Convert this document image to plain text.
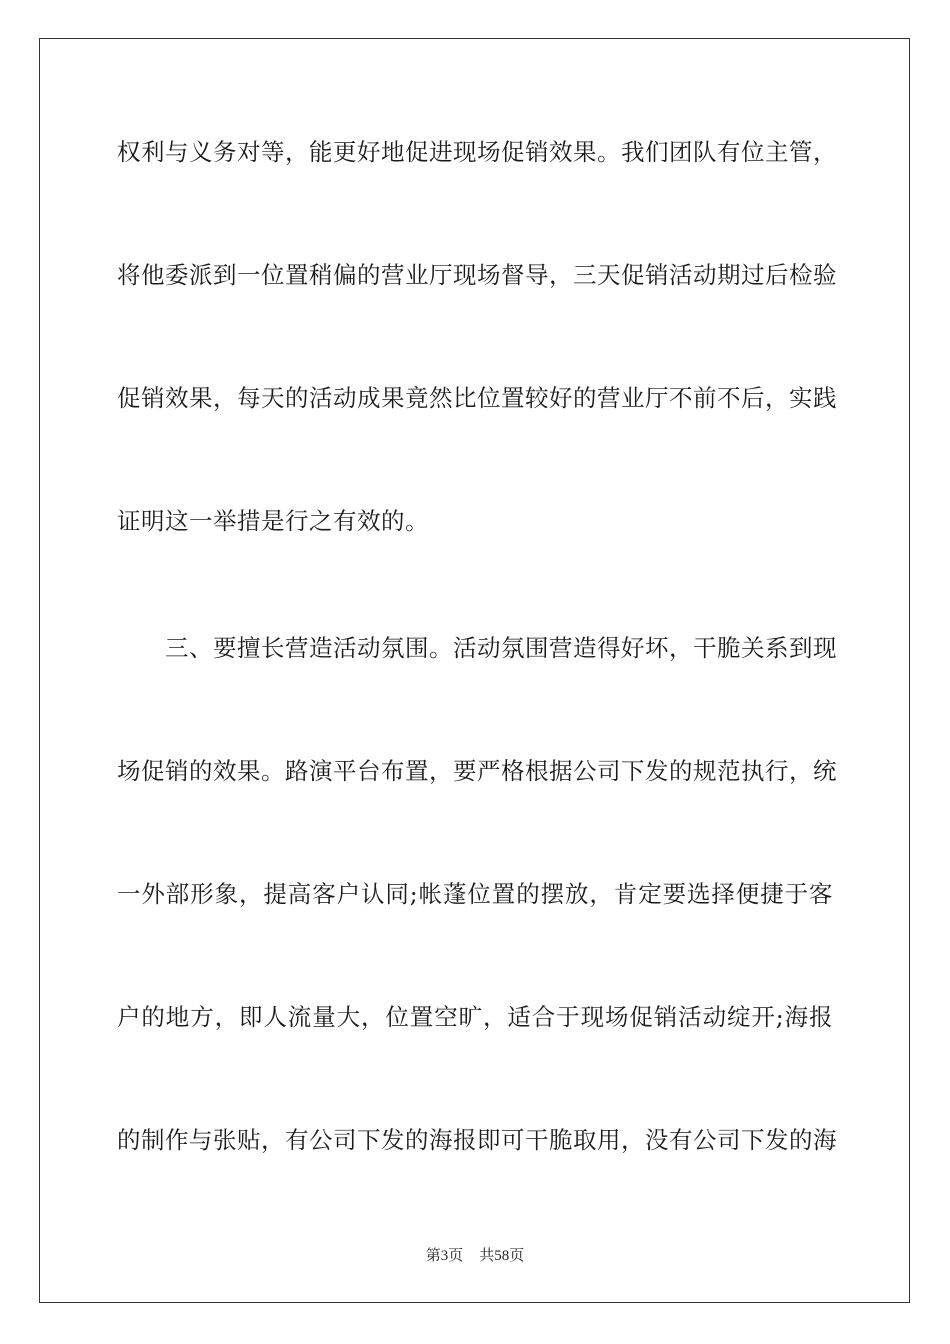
权利与义务对等，能更好地促进现场促销效果。我们团队有位主管，
将他委派到一位置稍偏的营业厅现场督导，三天促销活动期过后检验
促销效果，每天的活动成果竟然比位置较好的营业厅不前不后，实践
证明这一举措是行之有效的。
三、要擅长营造活动氛围。活动氛围营造得好坏，干脆关系到现
场促销的效果。路演平台布置，要严格根据公司下发的规范执行，统
一外部形象，提高客户认同;帐蓬位置的摆放，肯定要选择便捷于客
户的地方，即人流量大，位置空旷，适合于现场促销活动绽开;海报
的制作与张贴，有公司下发的海报即可干脆取用，没有公司下发的海
第3页 共58页
